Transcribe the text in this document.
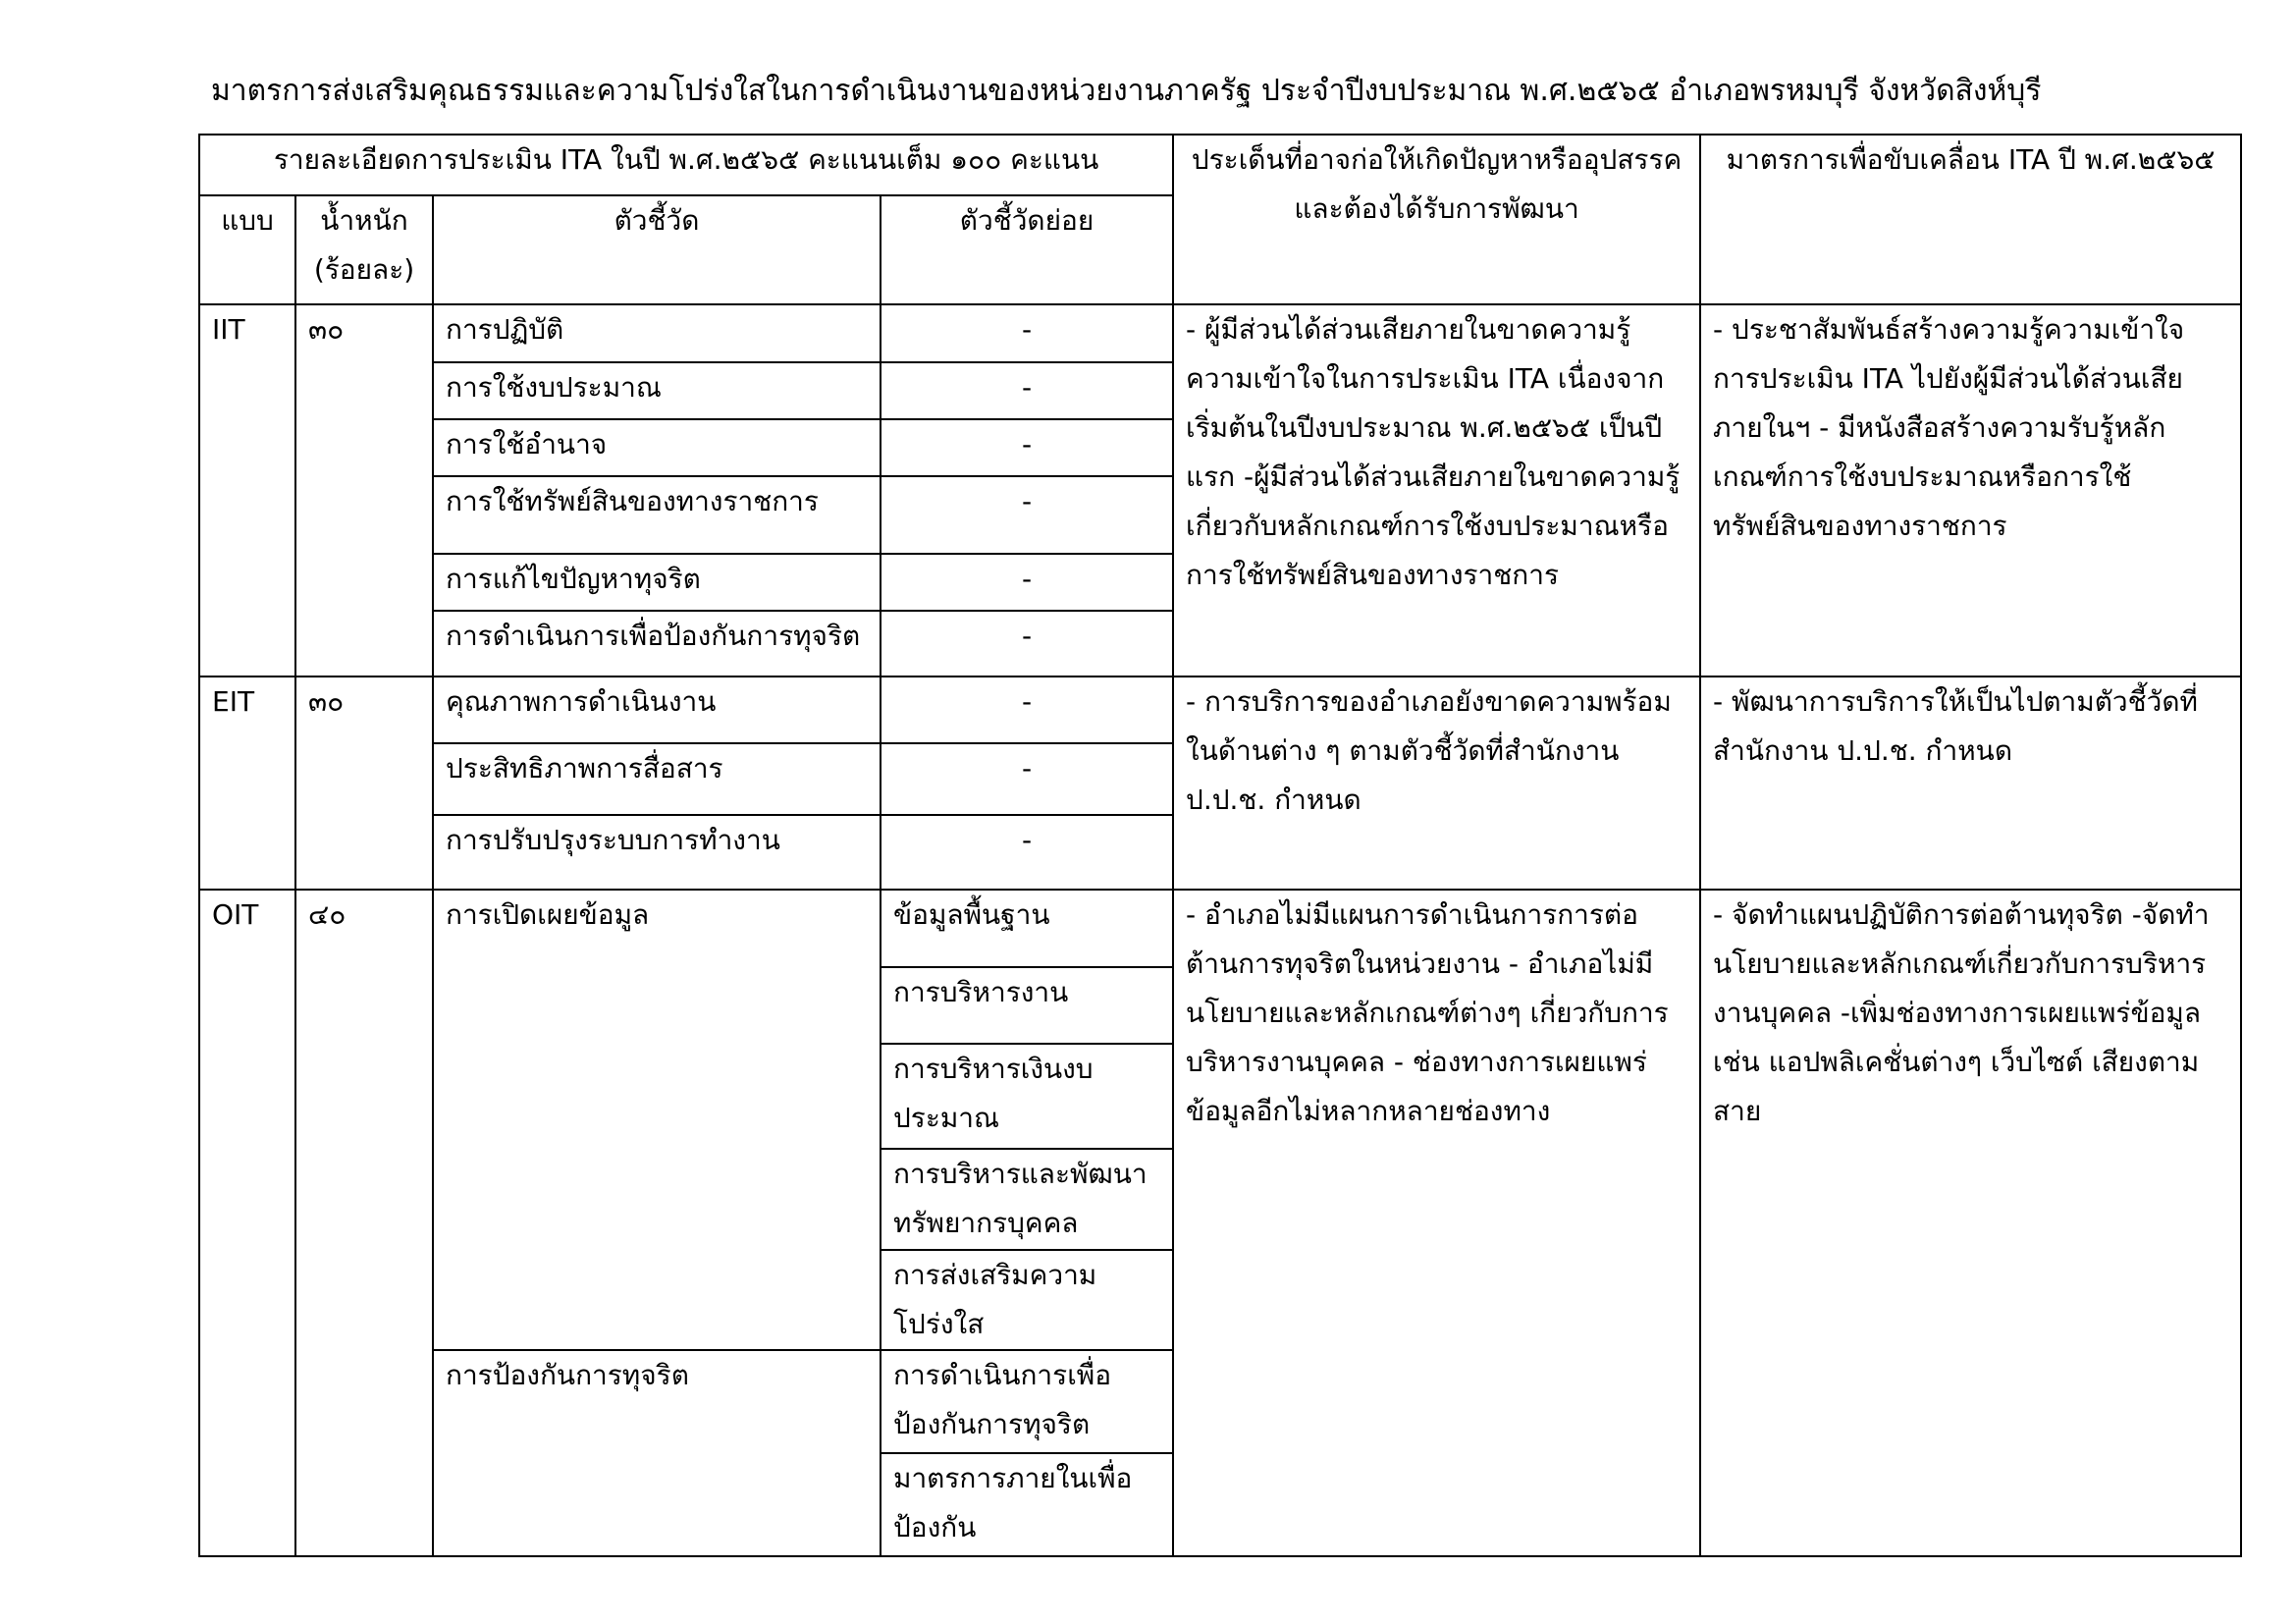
มาตรการส่งเสริมคุณธรรมและความโปร่งใสในการดำเนินงานของหน่วยงานภาครัฐ ประจำปีงบประมาณ พ.ศ.๒๕๖๕ อำเภอพรหมบุรี จังหวัดสิงห์บุรี
รายละเอียดการประเมิน ITA ในปี พ.ศ.๒๕๖๕ คะแนนเต็ม ๑๐๐ คะแนน				ประเด็นที่อาจก่อให้เกิดปัญหาหรืออุปสรรคและต้องได้รับการพัฒนา	มาตรการเพื่อขับเคลื่อน ITA ปี พ.ศ.๒๕๖๕
แบบ	น้ำหนัก (ร้อยละ)	ตัวชี้วัด	ตัวชี้วัดย่อย		
IIT	๓๐	การปฏิบัติ	-	- ผู้มีส่วนได้ส่วนเสียภายในขาดความรู้ความเข้าใจในการประเมิน ITA เนื่องจากเริ่มต้นในปีงบประมาณ พ.ศ.๒๕๖๕ เป็นปีแรก -ผู้มีส่วนได้ส่วนเสียภายในขาดความรู้เกี่ยวกับหลักเกณฑ์การใช้งบประมาณหรือการใช้ทรัพย์สินของทางราชการ	- ประชาสัมพันธ์สร้างความรู้ความเข้าใจการประเมิน ITA ไปยังผู้มีส่วนได้ส่วนเสียภายในฯ - มีหนังสือสร้างความรับรู้หลักเกณฑ์การใช้งบประมาณหรือการใช้ทรัพย์สินของทางราชการ
		การใช้งบประมาณ	-		
		การใช้อำนาจ	-		
		การใช้ทรัพย์สินของทางราชการ	-		
		การแก้ไขปัญหาทุจริต	-		
		การดำเนินการเพื่อป้องกันการทุจริต	-		
EIT	๓๐	คุณภาพการดำเนินงาน	-	- การบริการของอำเภอยังขาดความพร้อมในด้านต่าง ๆ ตามตัวชี้วัดที่สำนักงาน ป.ป.ช. กำหนด	- พัฒนาการบริการให้เป็นไปตามตัวชี้วัดที่สำนักงาน ป.ป.ช. กำหนด
		ประสิทธิภาพการสื่อสาร	-		
		การปรับปรุงระบบการทำงาน	-		
OIT	๔๐	การเปิดเผยข้อมูล	ข้อมูลพื้นฐาน	- อำเภอไม่มีแผนการดำเนินการการต่อต้านการทุจริตในหน่วยงาน - อำเภอไม่มีนโยบายและหลักเกณฑ์ต่างๆ เกี่ยวกับการบริหารงานบุคคล - ช่องทางการเผยแพร่ข้อมูลอีกไม่หลากหลายช่องทาง	- จัดทำแผนปฏิบัติการต่อต้านทุจริต -จัดทำนโยบายและหลักเกณฑ์เกี่ยวกับการบริหารงานบุคคล -เพิ่มช่องทางการเผยแพร่ข้อมูล เช่น แอปพลิเคชั่นต่างๆ เว็บไซต์ เสียงตามสาย
			การบริหารงาน		
			การบริหารเงินงบประมาณ		
			การบริหารและพัฒนาทรัพยากรบุคคล		
			การส่งเสริมความโปร่งใส		
		การป้องกันการทุจริต	การดำเนินการเพื่อป้องกันการทุจริต		
			มาตรการภายในเพื่อป้องกัน		
